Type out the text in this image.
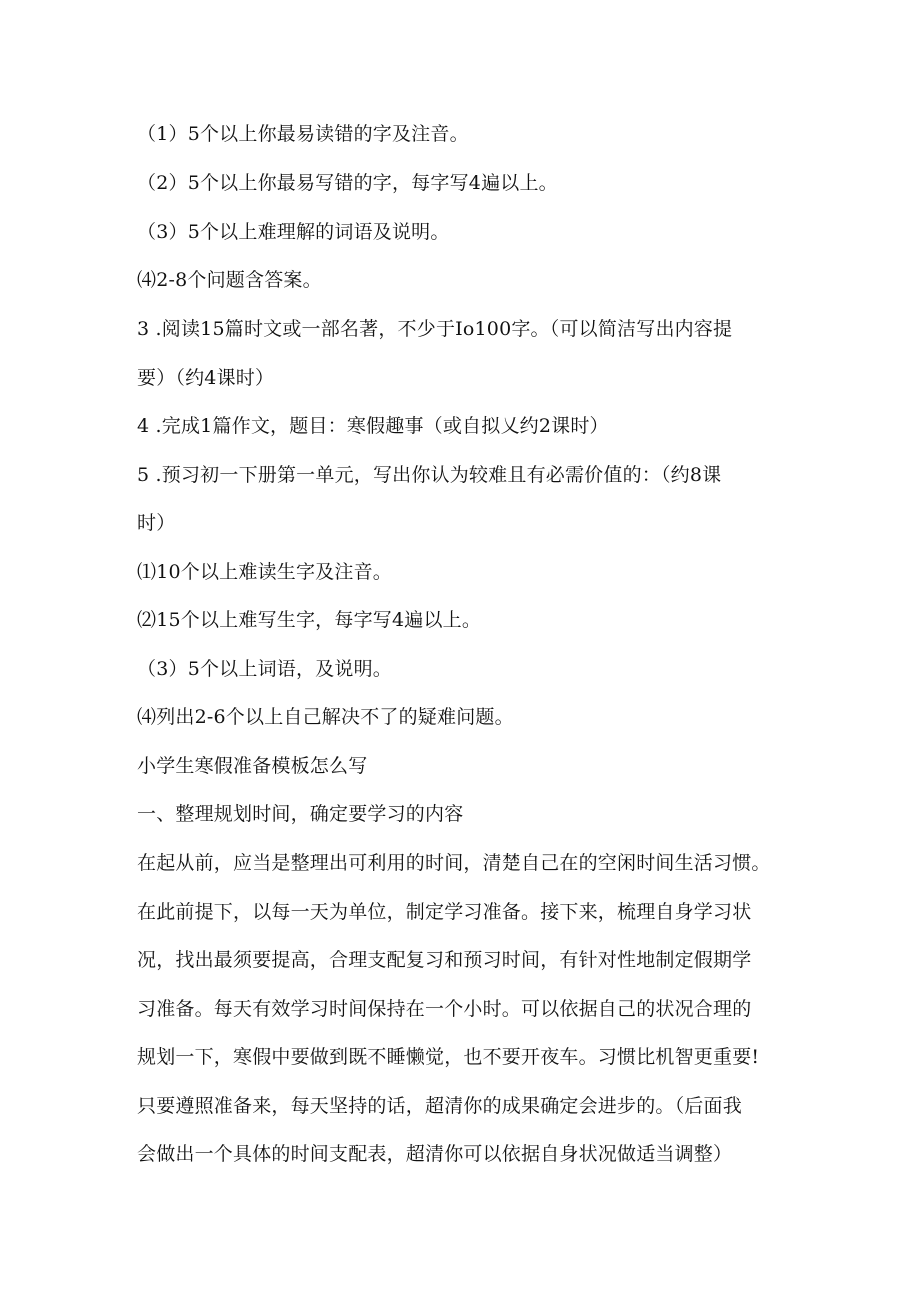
（1）5个以上你最易读错的字及注音。
（2）5个以上你最易写错的字，每字写4遍以上。
（3）5个以上难理解的词语及说明。
⑷2-8个问题含答案。
3 .阅读15篇时文或一部名著，不少于Io100字。（可以简洁写出内容提
要）（约4课时）
4 .完成1篇作文，题目：寒假趣事（或自拟乂约2课时）
5 .预习初一下册第一单元，写出你认为较难且有必需价值的：（约8课
时）
⑴10个以上难读生字及注音。
⑵15个以上难写生字，每字写4遍以上。
（3）5个以上词语，及说明。
⑷列出2-6个以上自己解决不了的疑难问题。
小学生寒假准备模板怎么写
一、整理规划时间，确定要学习的内容
在起从前，应当是整理出可利用的时间，清楚自己在的空闲时间生活习惯。
在此前提下，以每一天为单位，制定学习准备。接下来，梳理自身学习状
况，找出最须要提高，合理支配复习和预习时间，有针对性地制定假期学
习准备。每天有效学习时间保持在一个小时。可以依据自己的状况合理的
规划一下，寒假中要做到既不睡懒觉，也不要开夜车。习惯比机智更重要!
只要遵照准备来，每天坚持的话，超清你的成果确定会进步的。（后面我
会做出一个具体的时间支配表，超清你可以依据自身状况做适当调整）
